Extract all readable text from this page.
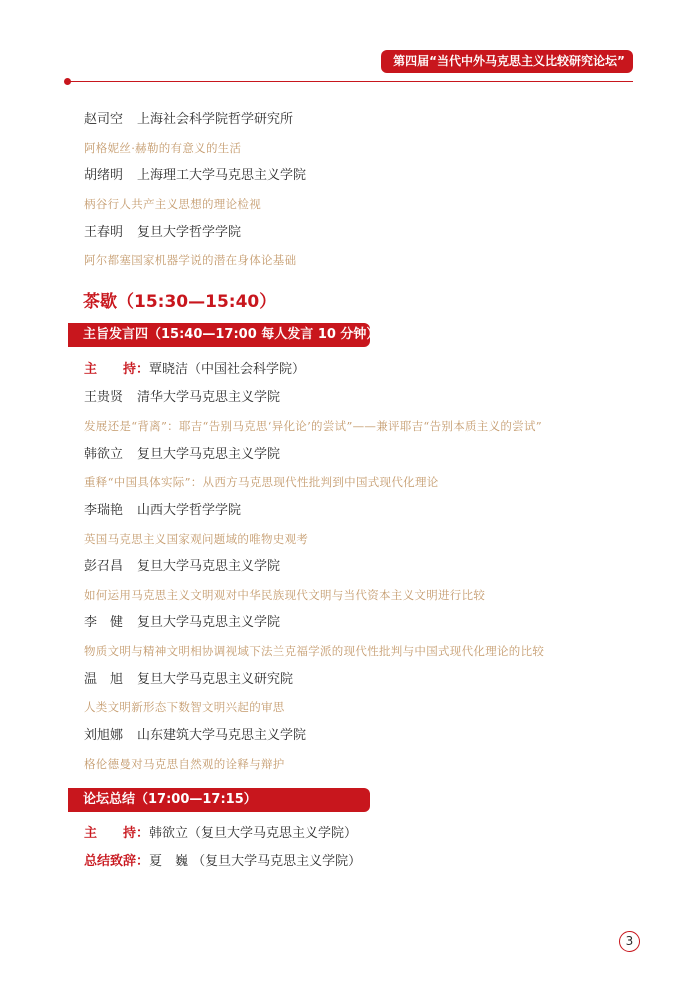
第四届“当代中外马克思主义比较研究论坛”
赵司空 上海社会科学院哲学研究所
阿格妮丝·赫勒的有意义的生活
胡绪明 上海理工大学马克思主义学院
柄谷行人共产主义思想的理论检视
王春明 复旦大学哲学学院
阿尔都塞国家机器学说的潜在身体论基础
茶歇（15:30—15:40）
主旨发言四（15:40—17:00 每人发言 10 分钟）
主　　持：覃晓洁（中国社会科学院）
王贵贤 清华大学马克思主义学院
发展还是“背离”：耶吉“告别马克思‘异化论’的尝试”——兼评耶吉“告别本质主义的尝试”
韩欲立 复旦大学马克思主义学院
重释“中国具体实际”：从西方马克思现代性批判到中国式现代化理论
李瑞艳 山西大学哲学学院
英国马克思主义国家观问题域的唯物史观考
彭召昌 复旦大学马克思主义学院
如何运用马克思主义文明观对中华民族现代文明与当代资本主义文明进行比较
李　健 复旦大学马克思主义学院
物质文明与精神文明相协调视域下法兰克福学派的现代性批判与中国式现代化理论的比较
温　旭 复旦大学马克思主义研究院
人类文明新形态下数智文明兴起的审思
刘旭娜 山东建筑大学马克思主义学院
格伦德曼对马克思自然观的诠释与辩护
论坛总结（17:00—17:15）
主　　持：韩欲立（复旦大学马克思主义学院）
总结致辞：夏　巍 （复旦大学马克思主义学院）
3
